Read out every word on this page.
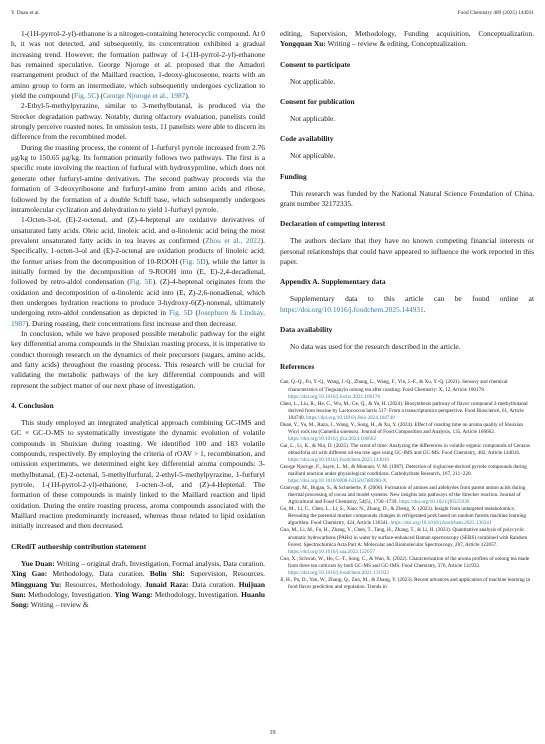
Y. Duan et al.	Food Chemistry 489 (2025) 144931

1-(1H-pyrrol-2-yl)-ethanone is a nitrogen-containing heterocyclic compound. At 0 h, it was not detected, and subsequently, its concentration exhibited a gradual increasing trend. However, the formation pathway of 1-(1H-pyrrol-2-yl)-ethanone has remained speculative. George Njoroge et al. proposed that the Amadori rearrangement product of the Maillard reaction, 1-deoxy-glucoseone, reacts with an amino group to form an intermediate, which subsequently undergoes cyclization to yield the compound (Fig. 5C) (George Njoroge et al., 1987).

2-Ethyl-5-methylpyrazine, similar to 3-methylbutanal, is produced via the Strecker degradation pathway. Notably, during olfactory evaluation, panelists could strongly perceive roasted notes. In omission tests, 11 panelists were able to discern its difference from the recombined model.

During the roasting process, the content of 1-furfuryl pyrrole increased from 2.76 μg/kg to 150.65 μg/kg. Its formation primarily follows two pathways. The first is a specific route involving the reaction of furfural with hydroxyproline, which does not generate other furfuryl-amine derivatives. The second pathway proceeds via the formation of 3-deoxyribosone and furfuryl-amine from amino acids and ribose, followed by the formation of a double Schiff base, which subsequently undergoes intramolecular cyclization and dehydration to yield 1-furfuryl pyrrole.

1-Octen-3-ol, (E)-2-octenal, and (Z)-4-heptenal are oxidative derivatives of unsaturated fatty acids. Oleic acid, linoleic acid, and α-linolenic acid being the most prevalent unsaturated fatty acids in tea leaves as confirmed (Zhou et al., 2022). Specifically, 1-octen-3-ol and (E)-2-octenal are oxidation products of linoleic acid; the former arises from the decomposition of 10-ROOH (Fig. 5D), while the latter is initially formed by the decomposition of 9-ROOH into (E, E)-2,4-decadienal, followed by retro-aldol condensation (Fig. 5E). (Z)-4-heptenal originates from the oxidation and decomposition of α-linolenic acid into (E, Z)-2,6-nonadienal, which then undergoes hydration reactions to produce 3-hydroxy-6(Z)-nonenal, ultimately undergoing retro-aldol condensation as depicted in Fig. 5D (Josephson & Lindsay, 1987). During roasting, their concentrations first increase and then decrease.

In conclusion, while we have proposed possible metabolic pathway for the eight key differential aroma compounds in the Shuixian roasting process, it is imperative to conduct thorough research on the dynamics of their precursors (sugars, amino acids, and fatty acids) throughout the roasting process. This research will be crucial for validating the metabolic pathways of the key differential compounds and will represent the subject matter of our next phase of investigation.

4. Conclusion

This study employed an integrated analytical approach combining GC-IMS and GC × GC-O-MS to systematically investigate the dynamic evolution of volatile compounds in Shuixian during roasting. We identified 100 and 183 volatile compounds, respectively. By employing the criteria of rOAV > 1, recombination, and omission experiments, we determined eight key differential aroma compounds: 3-methylbutanal, (E)-2-octenal, 5-methylfurfural, 2-ethyl-5-methylpyrazine, 1-furfuryl pyrrole, 1-(1H-pyrrol-2-yl)-ethanone, 1-octen-3-ol, and (Z)-4-Heptenal. The formation of these compounds is mainly linked to the Maillard reaction and lipid oxidation. During the entire roasting process, aroma compounds associated with the Maillard reaction predominantly increased, whereas those related to lipid oxidation initially increased and then decreased.

CRediT authorship contribution statement

Yue Duan: Writing – original draft, Investigation, Formal analysis, Data curation. Xing Gao: Methodology, Data curation. Bolin Shi: Supervision, Resources. Mingguang Yu: Resources, Methodology. Junaid Raza: Data curation. Huijuan Sun: Methodology, Investigation. Ying Wang: Methodology, Investigation. Huanlu Song: Writing – review &

editing, Supervision, Methodology, Funding acquisition, Conceptualization. Yongquan Xu: Writing – review & editing, Conceptualization.

Consent to participate

Not applicable.

Consent for publication

Not applicable.

Code availability

Not applicable.

Funding

This research was funded by the National Natural Science Foundation of China, grant number 32172335.

Declaration of competing interest

The authors declare that they have no known competing financial interests or personal relationships that could have appeared to influence the work reported in this paper.

Appendix A. Supplementary data

Supplementary data to this article can be found online at https://doi.org/10.1016/j.foodchem.2025.144931.

Data availability

No data was used for the research described in the article.

References
Cao, Q.-Q., Fu, Y.-Q., Wang, J.-Q., Zhang, L., Wang, F., Yin, J.-F., & Xu, Y.-Q. (2021). Sensory and chemical characteristics of Tieguanyin oolong tea after roasting. Food Chemistry: X, 12, Article 100178. https://doi.org/10.1016/j.fochx.2021.100178
Chen, L., Liu, R., He, C., Wu, M., Ge, Q., & Yu, H. (2024). Biosynthesis pathway of flavor compound 3-methylbutanal derived from leucine by Lactococcus lactis 517: From a transcriptomics perspective. Food Bioscience, 61, Article 104740. https://doi.org/10.1016/j.fbio.2024.104740
Duan, Y., Yu, M., Raza, J., Wang, Y., Song, H., & Xu, Y. (2024). Effect of roasting time on aroma quality of Shuixian Wuyi rock tea (Camellia sinensis). Journal of Food Composition and Analysis, 135, Article 106662. https://doi.org/10.1016/j.jfca.2024.106662
Gai, L., Li, K., & Niu, D. (2025). The scent of time: Analyzing the differences in volatile organic compounds of Cerasus obtusifolia oil with different oil-tea tree ages using GC-IMS and GC-MS. Food Chemistry, 482, Article 144016. https://doi.org/10.1016/j.foodchem.2025.144016
George Njoroge, F., Sayre, L. M., & Monnier, V. M. (1987). Detection of d-glucose-derived pyrrole compounds during maillard reaction under physiological conditions. Carbohydrate Research, 167, 211–220. https://doi.org/10.1016/0008-6215(87)80280-X
Granvogl, M., Bugan, S., & Schieberle, P. (2006). Formation of amines and aldehydes from parent amino acids during thermal processing of cocoa and model systems: New insights into pathways of the Strecker reaction. Journal of Agricultural and Food Chemistry, 54(5), 1730–1739. https://doi.org/10.1021/jf0525939
Gu, M., Li, C., Chen, L., Li, S., Xiao, N., Zhang, D., & Zheng, X. (2023). Insight from untargeted metabolomics: Revealing the potential marker compounds changes in refrigerated pork based on random forests machine learning algorithm. Food Chemistry, 424, Article 136341. https://doi.org/10.1016/j.foodchem.2023.136341
Guo, M., Li, M., Fu, H., Zhang, Y., Chen, T., Tang, H., Zhang, T., & Li, H. (2023). Quantitative analysis of polycyclic aromatic hydrocarbons (PAHs) in water by surface-enhanced Raman spectroscopy (SERS) combined with Random Forest. Spectrochimica Acta Part A: Molecular and Biomolecular Spectroscopy, 287, Article 122057. https://doi.org/10.1016/j.saa.2022.122057
Guo, X., Schwab, W., Ho, C.-T., Song, C., & Wan, X. (2022). Characterization of the aroma profiles of oolong tea made from three tea cultivars by both GC-MS and GC-IMS. Food Chemistry, 376, Article 131933. https://doi.org/10.1016/j.foodchem.2021.131933
Ji, H., Pu, D., Yan, W., Zhang, Q., Zuo, M., & Zhang, Y. (2023). Recent advances and application of machine learning in food flavor prediction and regulation. Trends in
19
